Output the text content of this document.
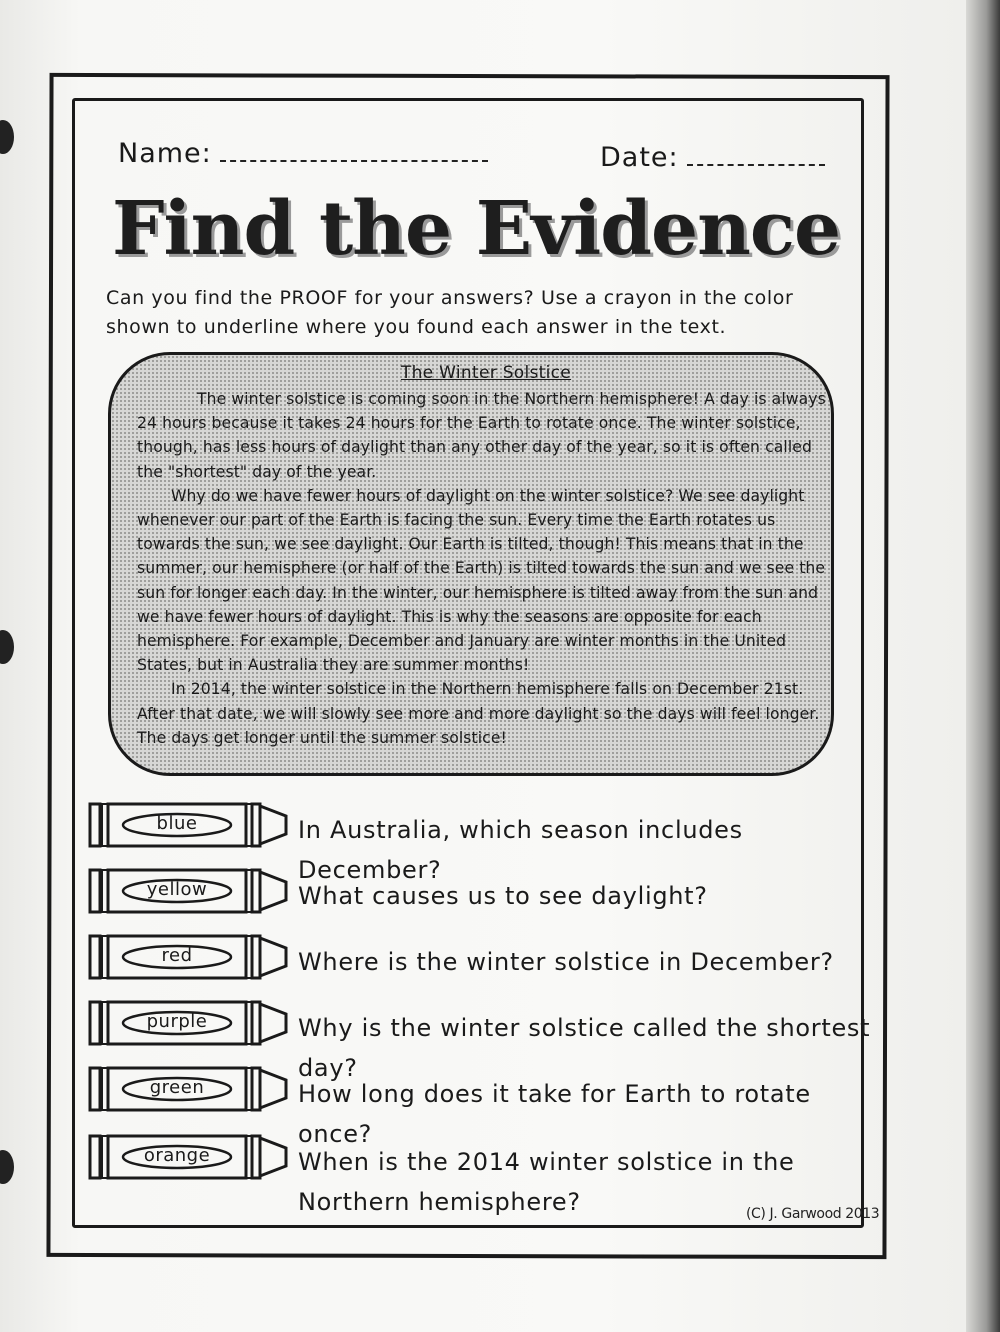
Name:	Date:
Find the Evidence
Can you find the PROOF for your answers? Use a crayon in the color shown to underline where you found each answer in the text.
The Winter Solstice

The winter solstice is coming soon in the Northern hemisphere! A day is always 24 hours because it takes 24 hours for the Earth to rotate once. The winter solstice, though, has less hours of daylight than any other day of the year, so it is often called the "shortest" day of the year.

Why do we have fewer hours of daylight on the winter solstice? We see daylight whenever our part of the Earth is facing the sun. Every time the Earth rotates us towards the sun, we see daylight. Our Earth is tilted, though! This means that in the summer, our hemisphere (or half of the Earth) is tilted towards the sun and we see the sun for longer each day. In the winter, our hemisphere is tilted away from the sun and we have fewer hours of daylight. This is why the seasons are opposite for each hemisphere. For example, December and January are winter months in the United States, but in Australia they are summer months!

In 2014, the winter solstice in the Northern hemisphere falls on December 21st. After that date, we will slowly see more and more daylight so the days will feel longer. The days get longer until the summer solstice!

blue	In Australia, which season includes December?
yellow	What causes us to see daylight?
red	Where is the winter solstice in December?
purple	Why is the winter solstice called the shortest day?
green	How long does it take for Earth to rotate once?
orange	When is the 2014 winter solstice in the Northern hemisphere?	(C) J. Garwood 2013
